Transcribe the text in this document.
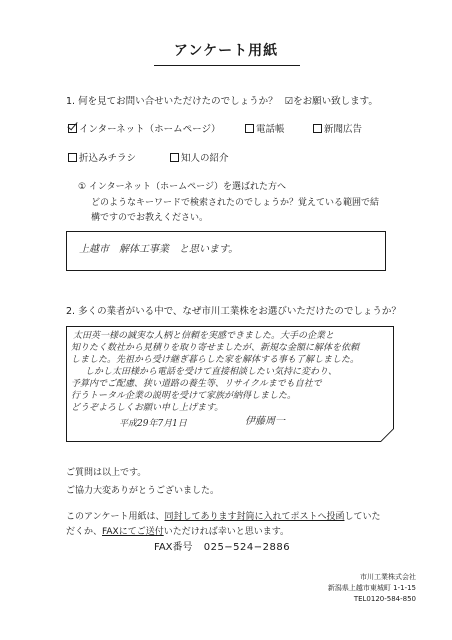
アンケート用紙
1. 何を見てお問い合せいただけたのでしょうか？ ☑をお願い致します。
インターネット（ホームページ）	電話帳	新聞広告
折込みチラシ	知人の紹介
① インターネット（ホームページ）を選ばれた方へ
どのようなキーワードで検索されたのでしょうか？覚えている範囲で結
構ですのでお教えください。
上越市　解体工事業　と思います。
2. 多くの業者がいる中で、なぜ市川工業株をお選びいただけたのでしょうか？
太田英一様の誠実な人柄と信頼を実感できました。大手の企業と
知りたく数社から見積りを取り寄せましたが、新規な金額に解体を依頼
しました。先祖から受け継ぎ暮らした家を解体する事も了解しました。
しかし太田様から電話を受けて直接相談したい気持に変わり、
予算内でご配慮、狭い道路の養生等、リサイクルまでも自社で
行うトータル企業の説明を受けて家族が納得しました。
どうぞよろしくお願い申し上げます。
平成29年7月1日	伊藤周一
ご質問は以上です。
ご協力大変ありがとうございました。
このアンケート用紙は、同封してあります封筒に入れてポストへ投函していた
だくか、FAXにてご送付いただければ幸いと思います。
FAX番号 025−524−2886
市川工業株式会社
新潟県上越市東城町 1-1-15
TEL0120-584-850
